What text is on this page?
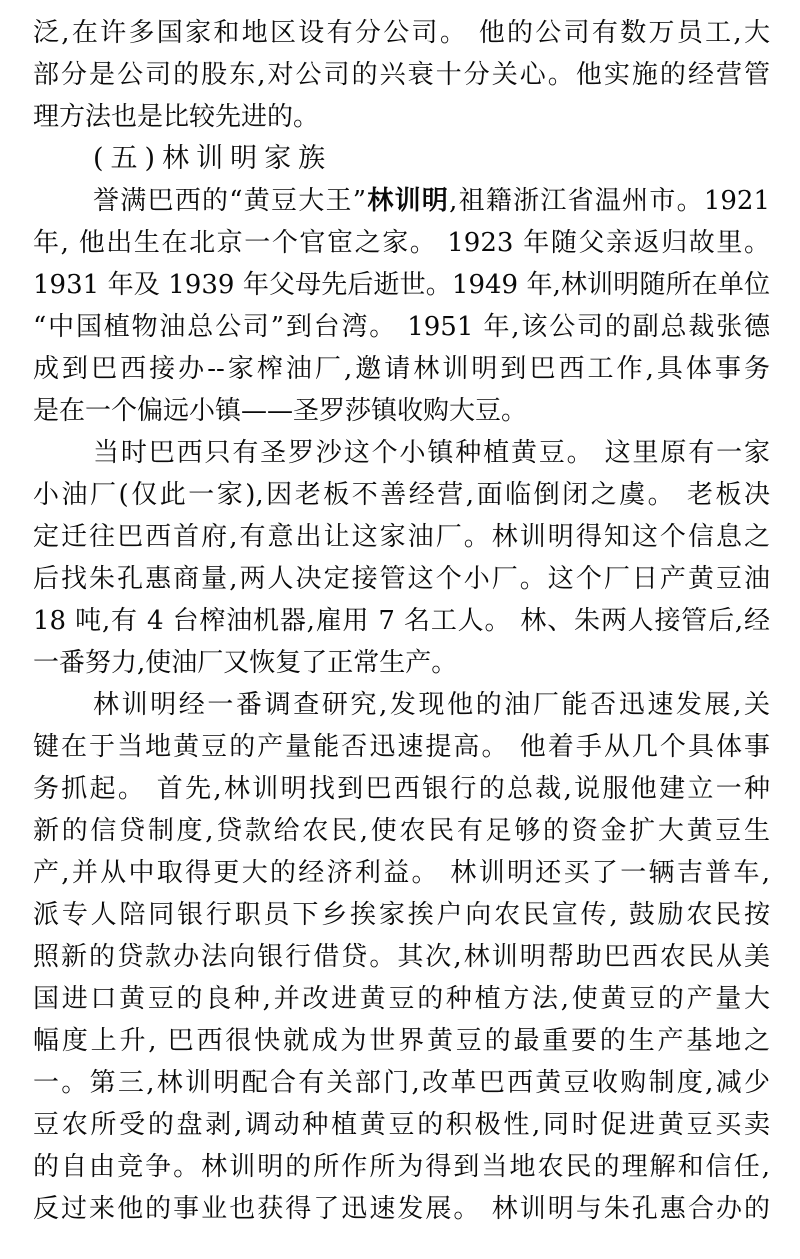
泛,在许多国家和地区设有分公司。 他的公司有数万员工,大
部分是公司的股东,对公司的兴衰十分关心。他实施的经营管
理方法也是比较先进的。
(五)林训明家族
誉满巴西的“黄豆大王”林训明,祖籍浙江省温州市。1921
年, 他出生在北京一个官宦之家。 1923 年随父亲返归故里。
1931 年及 1939 年父母先后逝世。1949 年,林训明随所在单位
“中国植物油总公司”到台湾。 1951 年,该公司的副总裁张德
成到巴西接办--家榨油厂,邀请林训明到巴西工作,具体事务
是在一个偏远小镇——圣罗莎镇收购大豆。
当时巴西只有圣罗沙这个小镇种植黄豆。 这里原有一家
小油厂(仅此一家),因老板不善经营,面临倒闭之虞。 老板决
定迁往巴西首府,有意出让这家油厂。林训明得知这个信息之
后找朱孔惠商量,两人决定接管这个小厂。这个厂日产黄豆油
18 吨,有 4 台榨油机器,雇用 7 名工人。 林、朱两人接管后,经
一番努力,使油厂又恢复了正常生产。
林训明经一番调查研究,发现他的油厂能否迅速发展,关
键在于当地黄豆的产量能否迅速提高。 他着手从几个具体事
务抓起。 首先,林训明找到巴西银行的总裁,说服他建立一种
新的信贷制度,贷款给农民,使农民有足够的资金扩大黄豆生
产,并从中取得更大的经济利益。 林训明还买了一辆吉普车,
派专人陪同银行职员下乡挨家挨户向农民宣传, 鼓励农民按
照新的贷款办法向银行借贷。其次,林训明帮助巴西农民从美
国进口黄豆的良种,并改进黄豆的种植方法,使黄豆的产量大
幅度上升, 巴西很快就成为世界黄豆的最重要的生产基地之
一。第三,林训明配合有关部门,改革巴西黄豆收购制度,减少
豆农所受的盘剥,调动种植黄豆的积极性,同时促进黄豆买卖
的自由竞争。林训明的所作所为得到当地农民的理解和信任,
反过来他的事业也获得了迅速发展。 林训明与朱孔惠合办的
